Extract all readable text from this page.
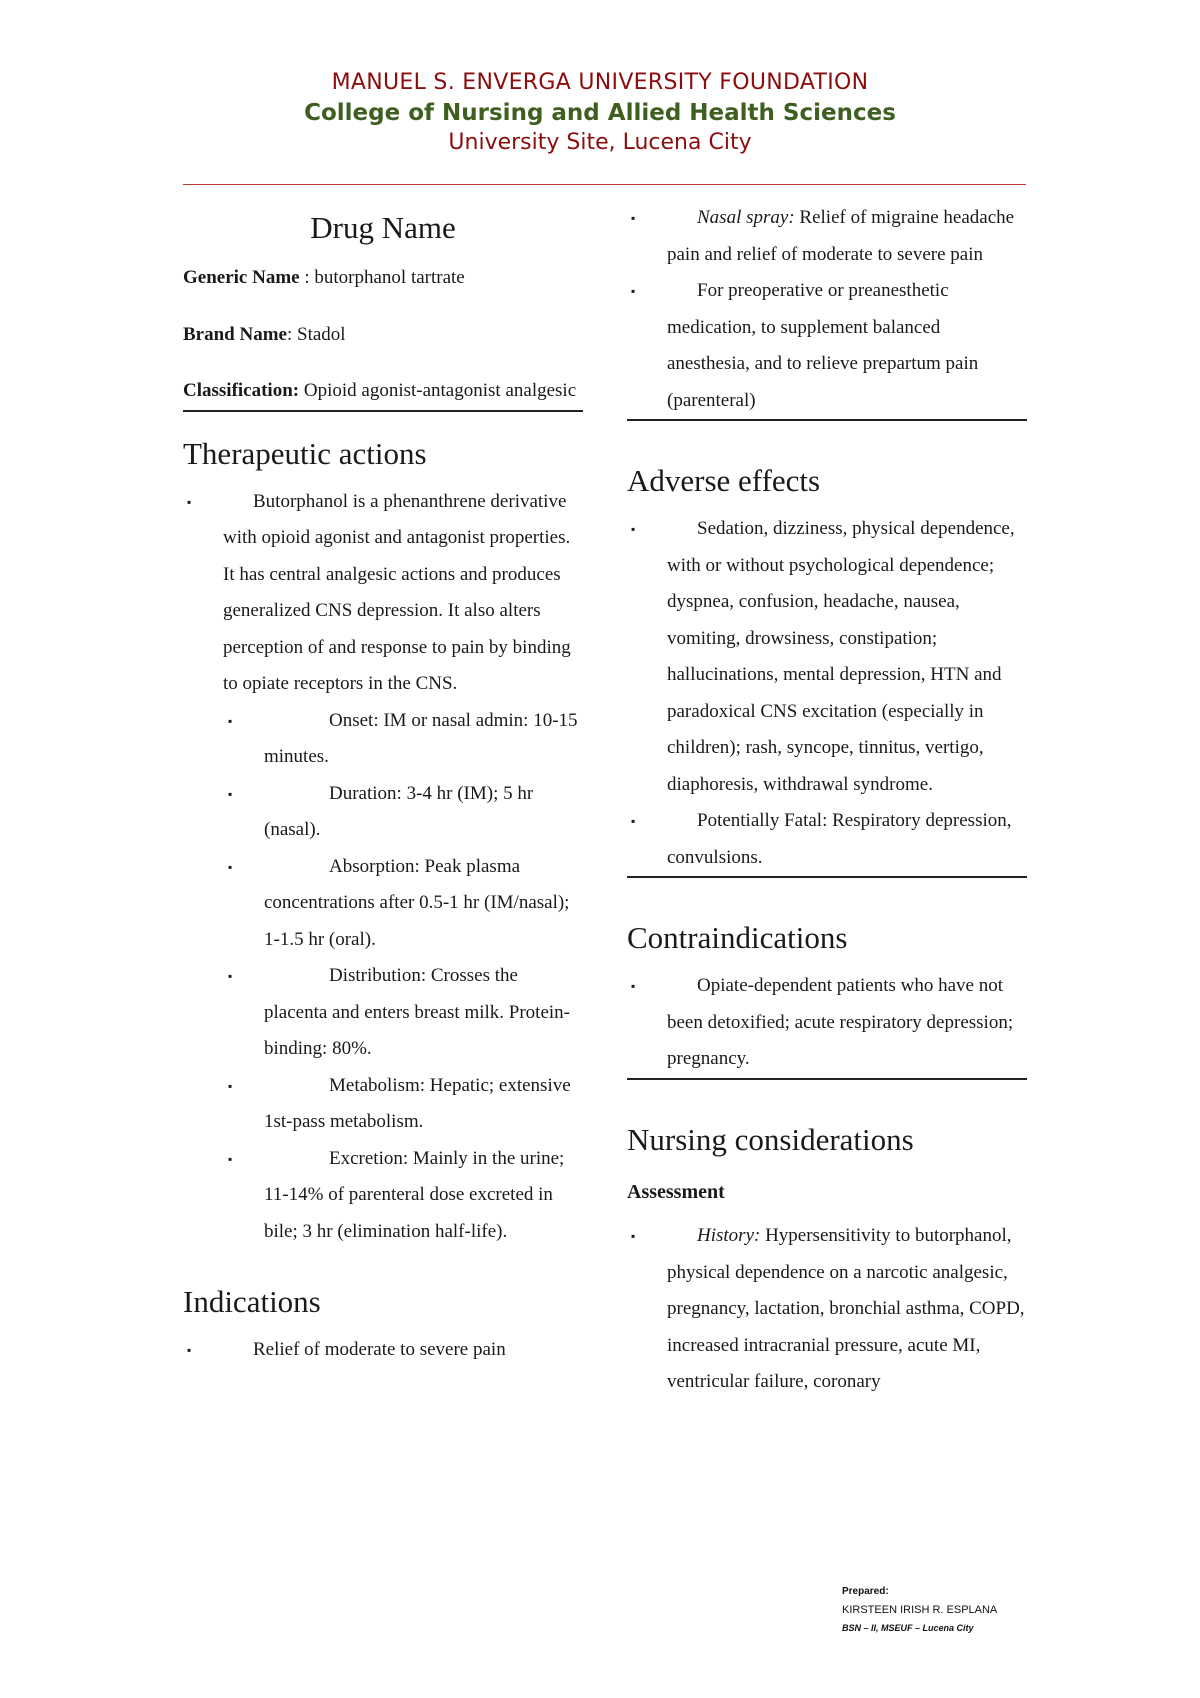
MANUEL S. ENVERGA UNIVERSITY FOUNDATION
College of Nursing and Allied Health Sciences
University Site, Lucena City
Drug Name

Generic Name : butorphanol tartrate

Brand Name: Stadol

Classification: Opioid agonist-antagonist analgesic

Therapeutic actions
▪	Butorphanol is a phenanthrene derivative with opioid agonist and antagonist properties. It has central analgesic actions and produces generalized CNS depression. It also alters perception of and response to pain by binding to opiate receptors in the CNS.
▪	Onset: IM or nasal admin: 10-15 minutes.
▪	Duration: 3-4 hr (IM); 5 hr (nasal).
▪	Absorption: Peak plasma concentrations after 0.5-1 hr (IM/nasal); 1-1.5 hr (oral).
▪	Distribution: Crosses the placenta and enters breast milk. Protein-binding: 80%.
▪	Metabolism: Hepatic; extensive 1st-pass metabolism.
▪	Excretion: Mainly in the urine; 11-14% of parenteral dose excreted in bile; 3 hr (elimination half-life).
Indications
▪	Relief of moderate to severe pain
▪	Nasal spray: Relief of migraine headache pain and relief of moderate to severe pain
▪	For preoperative or preanesthetic medication, to supplement balanced anesthesia, and to relieve prepartum pain (parenteral)
Adverse effects
▪	Sedation, dizziness, physical dependence, with or without psychological dependence; dyspnea, confusion, headache, nausea, vomiting, drowsiness, constipation; hallucinations, mental depression, HTN and paradoxical CNS excitation (especially in children); rash, syncope, tinnitus, vertigo, diaphoresis, withdrawal syndrome.
▪	Potentially Fatal: Respiratory depression, convulsions.
Contraindications
▪	Opiate-dependent patients who have not been detoxified; acute respiratory depression; pregnancy.
Nursing considerations
Assessment
▪	History: Hypersensitivity to butorphanol, physical dependence on a narcotic analgesic, pregnancy, lactation, bronchial asthma, COPD, increased intracranial pressure, acute MI, ventricular failure, coronary
Prepared:
KIRSTEEN IRISH R. ESPLANA
BSN – II, MSEUF – Lucena City
